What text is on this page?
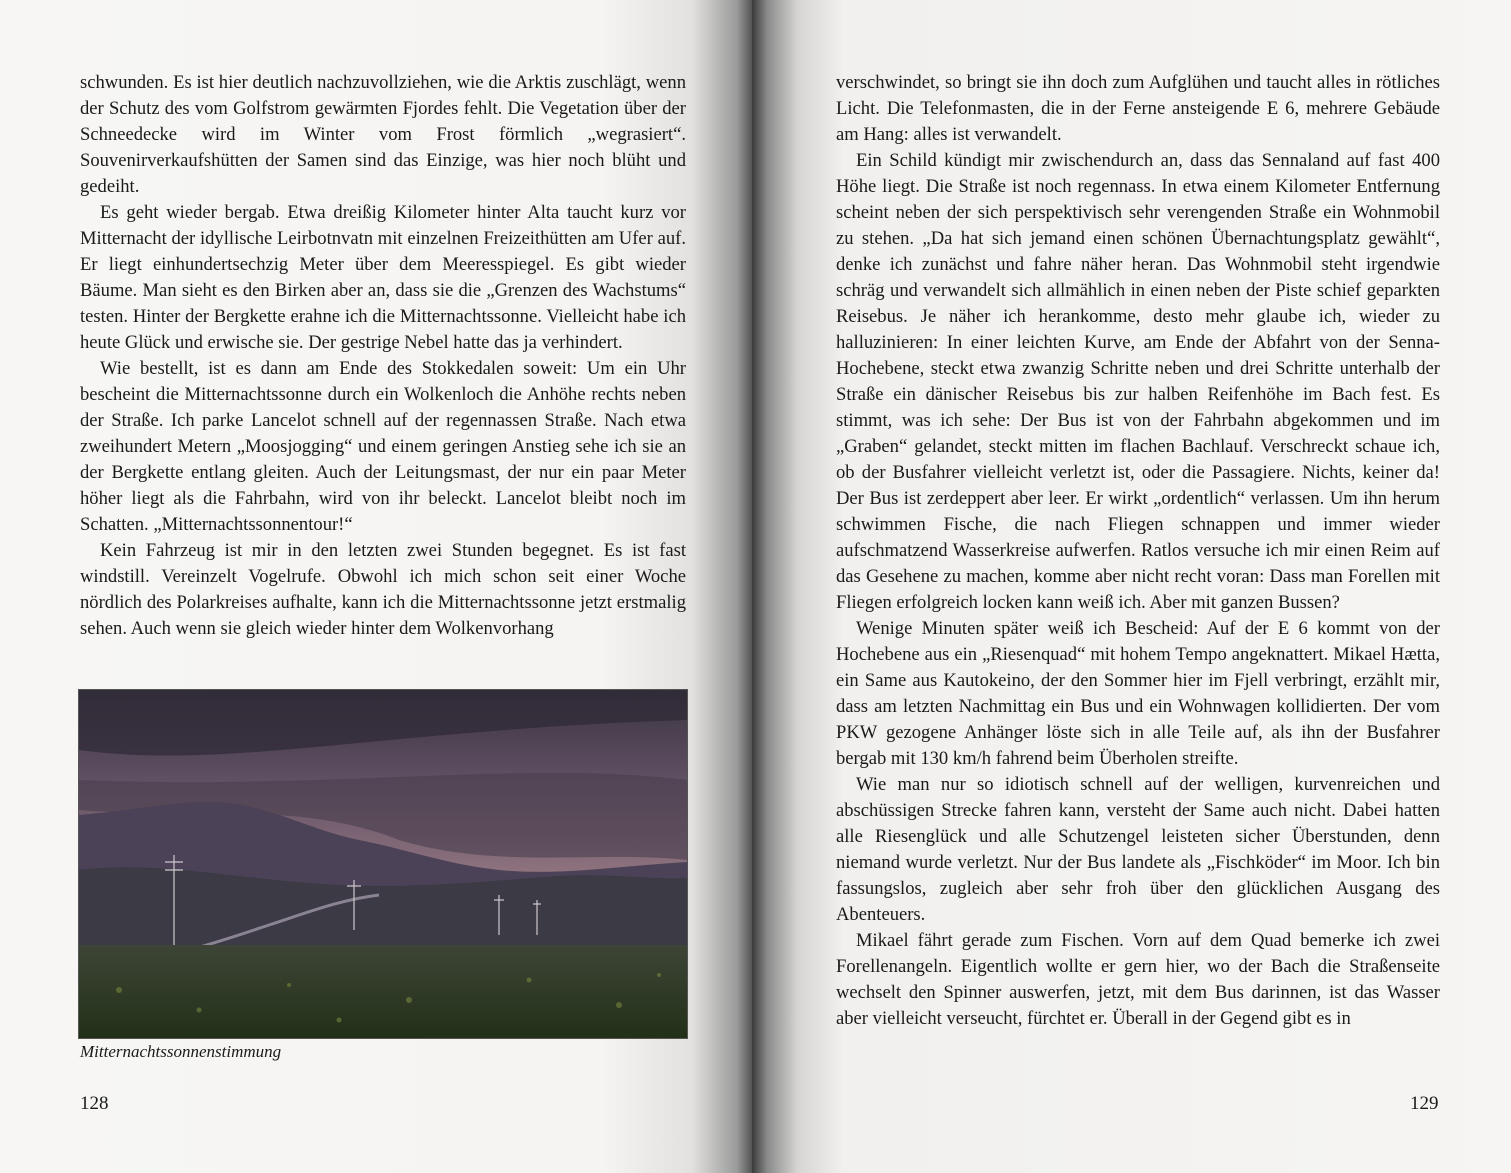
schwunden. Es ist hier deutlich nachzuvollziehen, wie die Arktis zuschlägt, wenn der Schutz des vom Golfstrom gewärmten Fjordes fehlt. Die Vegetation über der Schneedecke wird im Winter vom Frost förmlich „wegrasiert“. Souvenirverkaufshütten der Samen sind das Einzige, was hier noch blüht und gedeiht.

Es geht wieder bergab. Etwa dreißig Kilometer hinter Alta taucht kurz vor Mitternacht der idyllische Leirbotnvatn mit einzelnen Freizeithütten am Ufer auf. Er liegt einhundertsechzig Meter über dem Meeresspiegel. Es gibt wieder Bäume. Man sieht es den Birken aber an, dass sie die „Grenzen des Wachstums“ testen. Hinter der Bergkette erahne ich die Mitternachtssonne. Vielleicht habe ich heute Glück und erwische sie. Der gestrige Nebel hatte das ja verhindert.

Wie bestellt, ist es dann am Ende des Stokkedalen soweit: Um ein Uhr bescheint die Mitternachtssonne durch ein Wolkenloch die Anhöhe rechts neben der Straße. Ich parke Lancelot schnell auf der regennassen Straße. Nach etwa zweihundert Metern „Moosjogging“ und einem geringen Anstieg sehe ich sie an der Bergkette entlang gleiten. Auch der Leitungsmast, der nur ein paar Meter höher liegt als die Fahrbahn, wird von ihr beleckt. Lancelot bleibt noch im Schatten. „Mitternachtssonnentour!“

Kein Fahrzeug ist mir in den letzten zwei Stunden begegnet. Es ist fast windstill. Vereinzelt Vogelrufe. Obwohl ich mich schon seit einer Woche nördlich des Polarkreises aufhalte, kann ich die Mitternachtssonne jetzt erstmalig sehen. Auch wenn sie gleich wieder hinter dem Wolkenvorhang

Mitternachtssonnenstimmung
128

verschwindet, so bringt sie ihn doch zum Aufglühen und taucht alles in rötliches Licht. Die Telefonmasten, die in der Ferne ansteigende E 6, mehrere Gebäude am Hang: alles ist verwandelt.

Ein Schild kündigt mir zwischendurch an, dass das Sennaland auf fast 400 Höhe liegt. Die Straße ist noch regennass. In etwa einem Kilometer Entfernung scheint neben der sich perspektivisch sehr verengenden Straße ein Wohnmobil zu stehen. „Da hat sich jemand einen schönen Übernachtungsplatz gewählt“, denke ich zunächst und fahre näher heran. Das Wohnmobil steht irgendwie schräg und verwandelt sich allmählich in einen neben der Piste schief geparkten Reisebus. Je näher ich herankomme, desto mehr glaube ich, wieder zu halluzinieren: In einer leichten Kurve, am Ende der Abfahrt von der Senna-Hochebene, steckt etwa zwanzig Schritte neben und drei Schritte unterhalb der Straße ein dänischer Reisebus bis zur halben Reifenhöhe im Bach fest. Es stimmt, was ich sehe: Der Bus ist von der Fahrbahn abgekommen und im „Graben“ gelandet, steckt mitten im flachen Bachlauf. Verschreckt schaue ich, ob der Busfahrer vielleicht verletzt ist, oder die Passagiere. Nichts, keiner da! Der Bus ist zerdeppert aber leer. Er wirkt „ordentlich“ verlassen. Um ihn herum schwimmen Fische, die nach Fliegen schnappen und immer wieder aufschmatzend Wasserkreise aufwerfen. Ratlos versuche ich mir einen Reim auf das Gesehene zu machen, komme aber nicht recht voran: Dass man Forellen mit Fliegen erfolgreich locken kann weiß ich. Aber mit ganzen Bussen?

Wenige Minuten später weiß ich Bescheid: Auf der E 6 kommt von der Hochebene aus ein „Riesenquad“ mit hohem Tempo angeknattert. Mikael Hætta, ein Same aus Kautokeino, der den Sommer hier im Fjell verbringt, erzählt mir, dass am letzten Nachmittag ein Bus und ein Wohnwagen kollidierten. Der vom PKW gezogene Anhänger löste sich in alle Teile auf, als ihn der Busfahrer bergab mit 130 km/h fahrend beim Überholen streifte.

Wie man nur so idiotisch schnell auf der welligen, kurvenreichen und abschüssigen Strecke fahren kann, versteht der Same auch nicht. Dabei hatten alle Riesenglück und alle Schutzengel leisteten sicher Überstunden, denn niemand wurde verletzt. Nur der Bus landete als „Fischköder“ im Moor. Ich bin fassungslos, zugleich aber sehr froh über den glücklichen Ausgang des Abenteuers.

Mikael fährt gerade zum Fischen. Vorn auf dem Quad bemerke ich zwei Forellenangeln. Eigentlich wollte er gern hier, wo der Bach die Straßenseite wechselt den Spinner auswerfen, jetzt, mit dem Bus darinnen, ist das Wasser aber vielleicht verseucht, fürchtet er. Überall in der Gegend gibt es in

129
